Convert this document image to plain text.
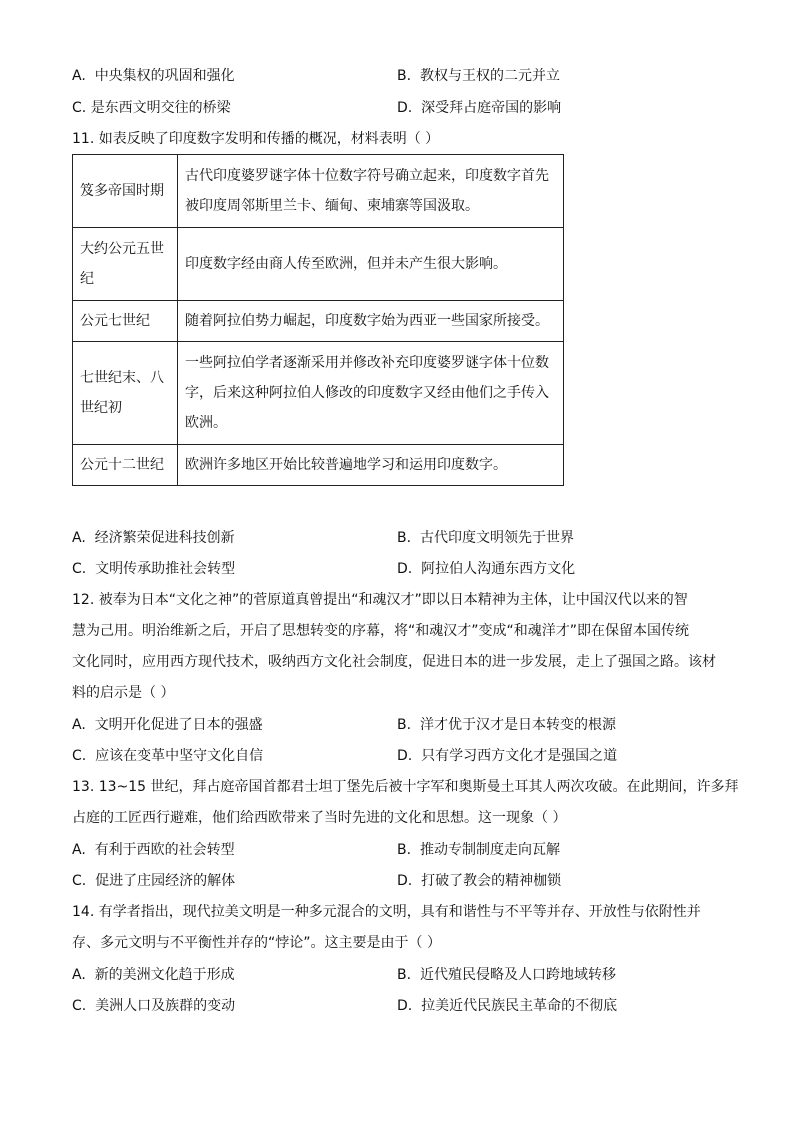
A. 中央集权的巩固和强化	B. 教权与王权的二元并立
C. 是东西文明交往的桥梁	D. 深受拜占庭帝国的影响
11. 如表反映了印度数字发明和传播的概况，材料表明（ ）
笈多帝国时期	古代印度婆罗谜字体十位数字符号确立起来，印度数字首先被印度周邻斯里兰卡、缅甸、柬埔寨等国汲取。
大约公元五世纪	印度数字经由商人传至欧洲，但并未产生很大影响。
公元七世纪	随着阿拉伯势力崛起，印度数字始为西亚一些国家所接受。
七世纪末、八世纪初	一些阿拉伯学者逐渐采用并修改补充印度婆罗谜字体十位数字，后来这种阿拉伯人修改的印度数字又经由他们之手传入欧洲。
公元十二世纪	欧洲许多地区开始比较普遍地学习和运用印度数字。
A. 经济繁荣促进科技创新	B. 古代印度文明领先于世界
C. 文明传承助推社会转型	D. 阿拉伯人沟通东西方文化
12. 被奉为日本“文化之神”的菅原道真曾提出“和魂汉才”即以日本精神为主体，让中国汉代以来的智
慧为己用。明治维新之后，开启了思想转变的序幕，将“和魂汉才”变成“和魂洋才”即在保留本国传统
文化同时，应用西方现代技术，吸纳西方文化社会制度，促进日本的进一步发展，走上了强国之路。该材
料的启示是（ ）
A. 文明开化促进了日本的强盛	B. 洋才优于汉才是日本转变的根源
C. 应该在变革中坚守文化自信	D. 只有学习西方文化才是强国之道
13. 13~15 世纪，拜占庭帝国首都君士坦丁堡先后被十字军和奥斯曼土耳其人两次攻破。在此期间，许多拜
占庭的工匠西行避难，他们给西欧带来了当时先进的文化和思想。这一现象（ ）
A. 有利于西欧的社会转型	B. 推动专制制度走向瓦解
C. 促进了庄园经济的解体	D. 打破了教会的精神枷锁
14. 有学者指出，现代拉美文明是一种多元混合的文明，具有和谐性与不平等并存、开放性与依附性并
存、多元文明与不平衡性并存的“悖论”。这主要是由于（ ）
A. 新的美洲文化趋于形成	B. 近代殖民侵略及人口跨地域转移
C. 美洲人口及族群的变动	D. 拉美近代民族民主革命的不彻底
